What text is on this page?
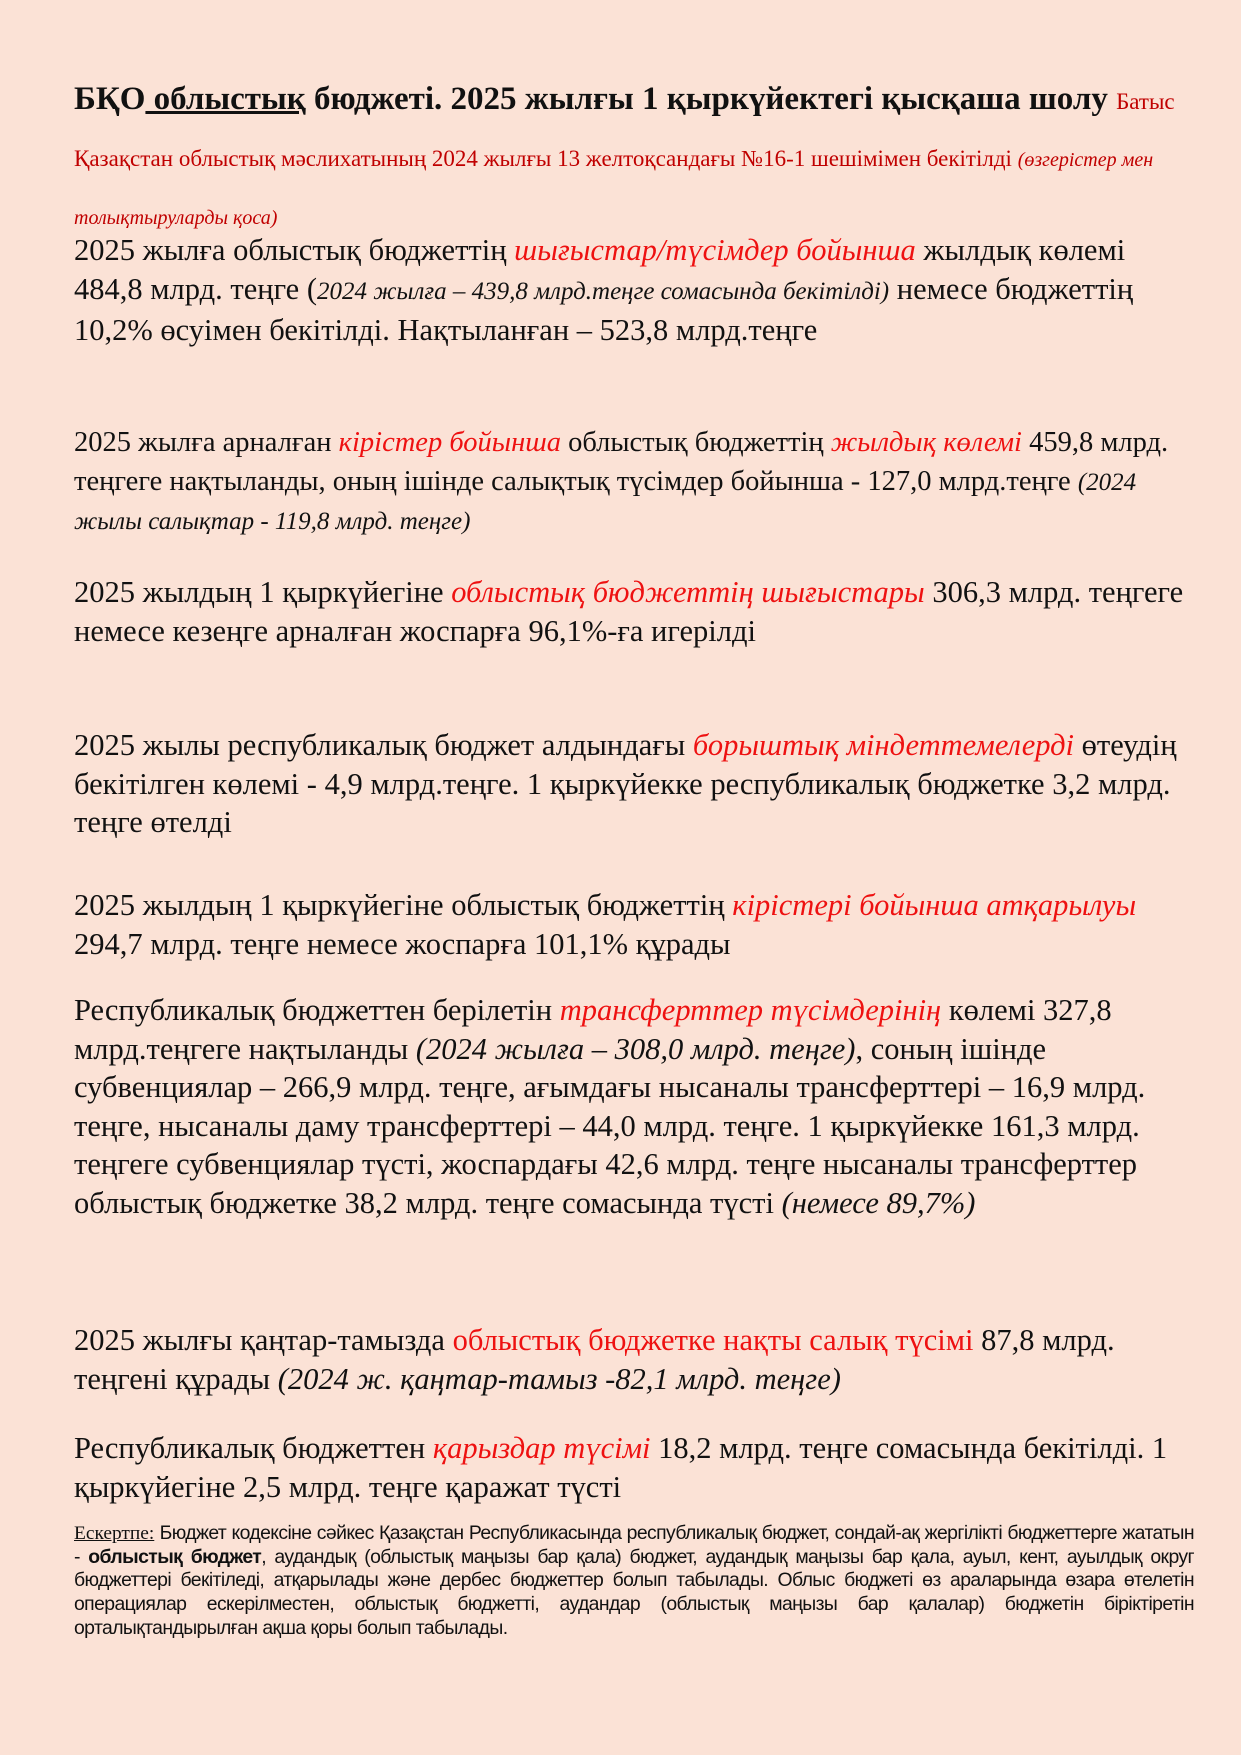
БҚО облыстық бюджеті. 2025 жылғы 1 қыркүйектегі қысқаша шолу Батыс Қазақстан облыстық мәслихатының 2024 жылғы 13 желтоқсандағы №16-1 шешімімен бекітілді (өзгерістер мен толықтыруларды қоса)
2025 жылға облыстық бюджеттің шығыстар/түсімдер бойынша жылдық көлемі 484,8 млрд. теңге (2024 жылға – 439,8 млрд.теңге сомасында бекітілді) немесе бюджеттің 10,2% өсуімен бекітілді. Нақтыланған – 523,8 млрд.теңге
2025 жылға арналған кірістер бойынша облыстық бюджеттің жылдық көлемі 459,8 млрд. теңгеге нақтыланды, оның ішінде салықтық түсімдер бойынша - 127,0 млрд.теңге (2024 жылы салықтар - 119,8 млрд. теңге)
2025 жылдың 1 қыркүйегіне облыстық бюджеттің шығыстары 306,3 млрд. теңгеге немесе кезеңге арналған жоспарға 96,1%-ға игерілді
2025 жылы республикалық бюджет алдындағы борыштық міндеттемелерді өтеудің бекітілген көлемі - 4,9 млрд.теңге. 1 қыркүйекке республикалық бюджетке 3,2 млрд. теңге өтелді
2025 жылдың 1 қыркүйегіне облыстық бюджеттің кірістері бойынша атқарылуы 294,7 млрд. теңге немесе жоспарға 101,1% құрады
Республикалық бюджеттен берілетін трансферттер түсімдерінің көлемі 327,8 млрд.теңгеге нақтыланды (2024 жылға – 308,0 млрд. теңге), соның ішінде субвенциялар – 266,9 млрд. теңге, ағымдағы нысаналы трансферттері – 16,9 млрд. теңге, нысаналы даму трансферттері – 44,0 млрд. теңге. 1 қыркүйекке 161,3 млрд. теңгеге субвенциялар түсті, жоспардағы 42,6 млрд. теңге нысаналы трансферттер облыстық бюджетке 38,2 млрд. теңге сомасында түсті (немесе 89,7%)
2025 жылғы қаңтар-тамызда облыстық бюджетке нақты салық түсімі 87,8 млрд. теңгені құрады (2024 ж. қаңтар-тамыз -82,1 млрд. теңге)
Республикалық бюджеттен қарыздар түсімі 18,2 млрд. теңге сомасында бекітілді. 1 қыркүйегіне 2,5 млрд. теңге қаражат түсті
Ескертпе: Бюджет кодексіне сәйкес Қазақстан Республикасында республикалық бюджет, сондай-ақ жергілікті бюджеттерге жататын - облыстық бюджет, аудандық (облыстық маңызы бар қала) бюджет, аудандық маңызы бар қала, ауыл, кент, ауылдық округ бюджеттері бекітіледі, атқарылады және дербес бюджеттер болып табылады. Облыс бюджеті өз араларында өзара өтелетін операциялар ескерілместен, облыстық бюджетті, аудандар (облыстық маңызы бар қалалар) бюджетін біріктіретін орталықтандырылған ақша қоры болып табылады.
